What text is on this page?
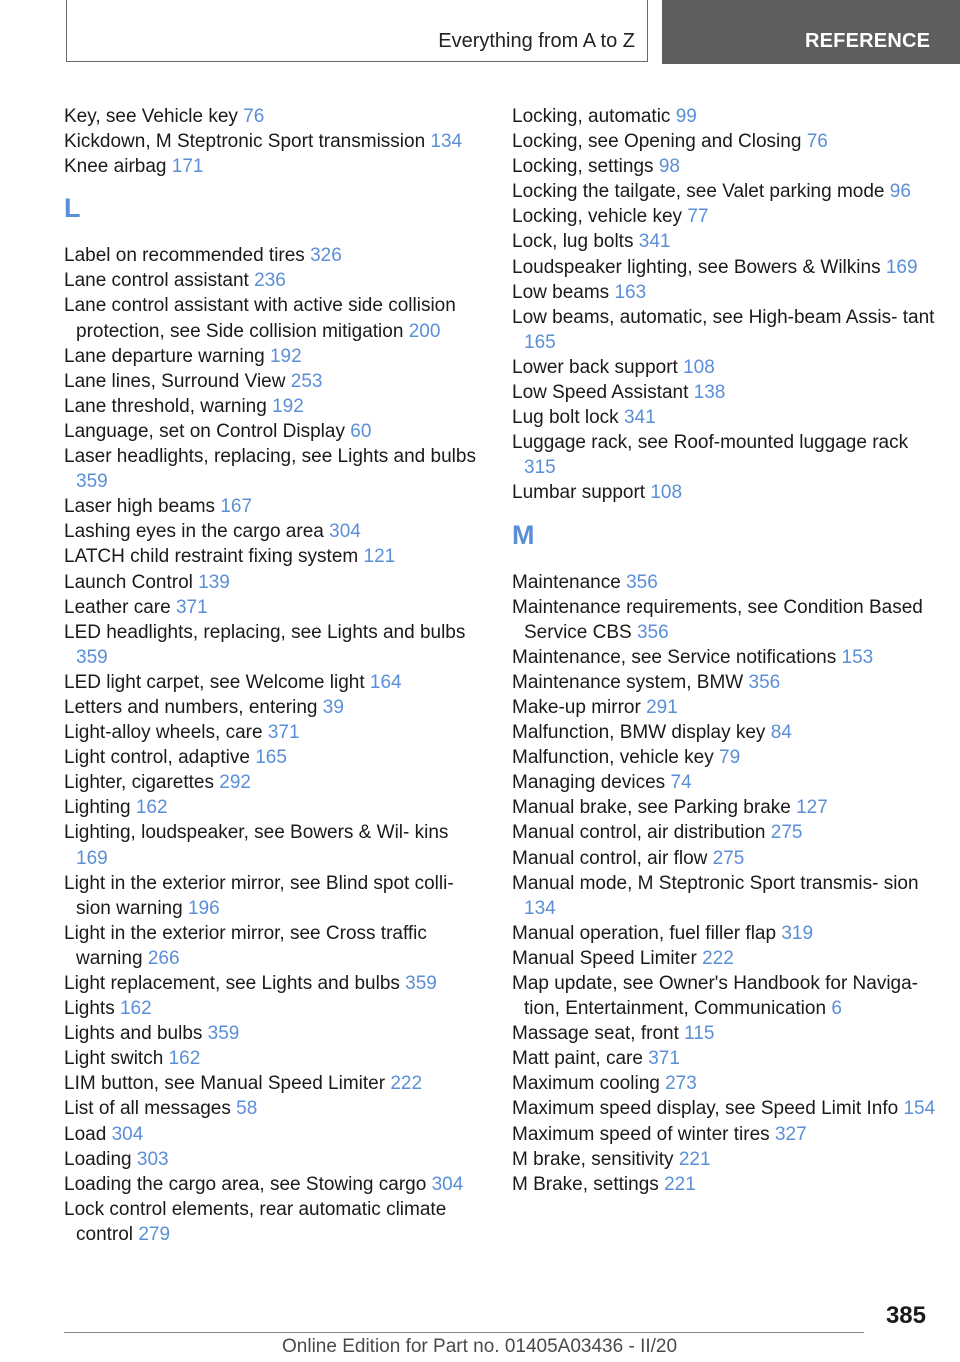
Everything from A to Z	REFERENCE
Key, see Vehicle key 76
Kickdown, M Steptronic Sport transmission 134
Knee airbag 171
L
Label on recommended tires 326
Lane control assistant 236
Lane control assistant with active side collision protection, see Side collision mitigation 200
Lane departure warning 192
Lane lines, Surround View 253
Lane threshold, warning 192
Language, set on Control Display 60
Laser headlights, replacing, see Lights and bulbs 359
Laser high beams 167
Lashing eyes in the cargo area 304
LATCH child restraint fixing system 121
Launch Control 139
Leather care 371
LED headlights, replacing, see Lights and bulbs 359
LED light carpet, see Welcome light 164
Letters and numbers, entering 39
Light-alloy wheels, care 371
Light control, adaptive 165
Lighter, cigarettes 292
Lighting 162
Lighting, loudspeaker, see Bowers & Wil‐ kins 169
Light in the exterior mirror, see Blind spot colli‐ sion warning 196
Light in the exterior mirror, see Cross traffic warning 266
Light replacement, see Lights and bulbs 359
Lights 162
Lights and bulbs 359
Light switch 162
LIM button, see Manual Speed Limiter 222
List of all messages 58
Load 304
Loading 303
Loading the cargo area, see Stowing cargo 304
Lock control elements, rear automatic climate control 279
Locking, automatic 99
Locking, see Opening and Closing 76
Locking, settings 98
Locking the tailgate, see Valet parking mode 96
Locking, vehicle key 77
Lock, lug bolts 341
Loudspeaker lighting, see Bowers & Wilkins 169
Low beams 163
Low beams, automatic, see High-beam Assis‐ tant 165
Lower back support 108
Low Speed Assistant 138
Lug bolt lock 341
Luggage rack, see Roof-mounted luggage rack 315
Lumbar support 108
M
Maintenance 356
Maintenance requirements, see Condition Based Service CBS 356
Maintenance, see Service notifications 153
Maintenance system, BMW 356
Make-up mirror 291
Malfunction, BMW display key 84
Malfunction, vehicle key 79
Managing devices 74
Manual brake, see Parking brake 127
Manual control, air distribution 275
Manual control, air flow 275
Manual mode, M Steptronic Sport transmis‐ sion 134
Manual operation, fuel filler flap 319
Manual Speed Limiter 222
Map update, see Owner's Handbook for Naviga‐ tion, Entertainment, Communication 6
Massage seat, front 115
Matt paint, care 371
Maximum cooling 273
Maximum speed display, see Speed Limit Info 154
Maximum speed of winter tires 327
M brake, sensitivity 221
M Brake, settings 221
385
Online Edition for Part no. 01405A03436 - II/20
